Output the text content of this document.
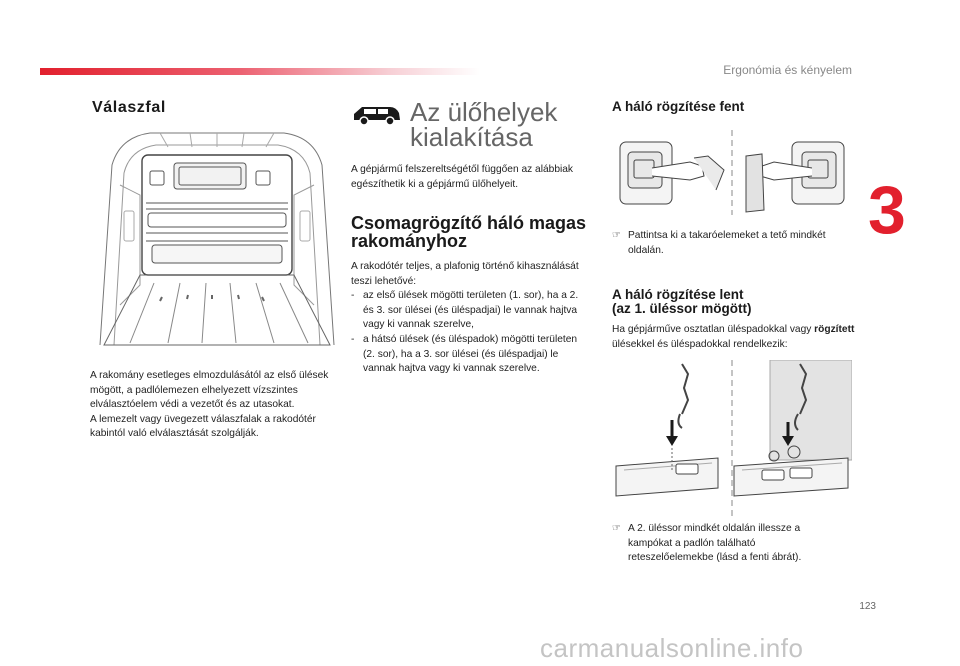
Ergonómia és kényelem
3
Válaszfal
A rakomány esetleges elmozdulásától az első ülések mögött, a padlólemezen elhelyezett vízszintes elválasztóelem védi a vezetőt és az utasokat.
A lemezelt vagy üvegezett válaszfalak a rakodótér kabintól való elválasztását szolgálják.
Az ülőhelyek
kialakítása
A gépjármű felszereltségétől függően az alábbiak egészíthetik ki a gépjármű ülőhelyeit.
Csomagrögzítő háló magas
rakományhoz
A rakodótér teljes, a plafonig történő kihasználását teszi lehetővé:
- az első ülések mögötti területen (1. sor), ha a 2. és 3. sor ülései (és üléspadjai) le vannak hajtva vagy ki vannak szerelve,
- a hátsó ülések (és üléspadok) mögötti területen (2. sor), ha a 3. sor ülései (és üléspadjai) le vannak hajtva vagy ki vannak szerelve.
A háló rögzítése fent
☞ Pattintsa ki a takaróelemeket a tető mindkét oldalán.
A háló rögzítése lent
(az 1. üléssor mögött)
Ha gépjárműve osztatlan üléspadokkal vagy rögzített ülésekkel és üléspadokkal rendelkezik:
☞ A 2. üléssor mindkét oldalán illessze a kampókat a padlón található reteszelőelemekbe (lásd a fenti ábrát).
123
carmanualsonline.info
